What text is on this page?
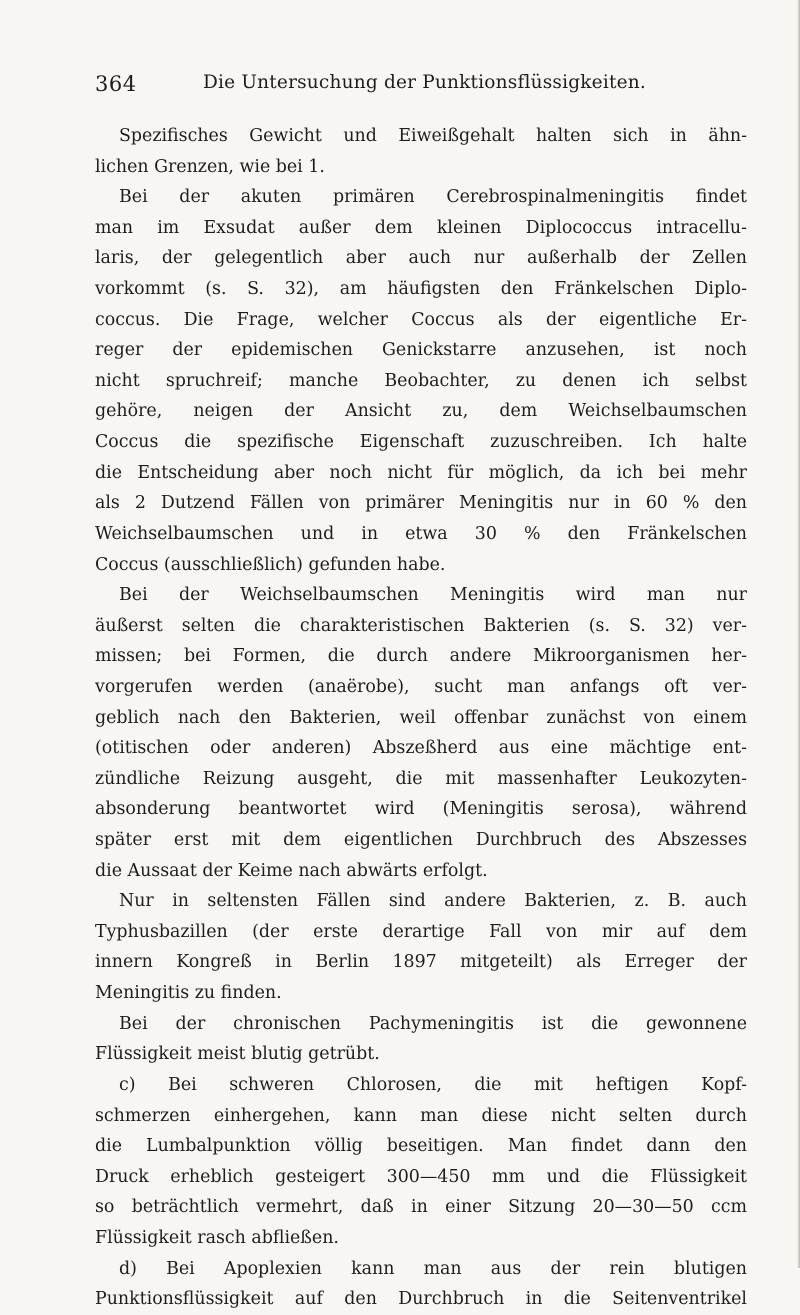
364	Die Untersuchung der Punktionsflüssigkeiten.
Spezifisches Gewicht und Eiweißgehalt halten sich in ähn-
lichen Grenzen, wie bei 1.
Bei der akuten primären Cerebrospinalmeningitis findet
man im Exsudat außer dem kleinen Diplococcus intracellu-
laris, der gelegentlich aber auch nur außerhalb der Zellen
vorkommt (s. S. 32), am häufigsten den Fränkelschen Diplo-
coccus. Die Frage, welcher Coccus als der eigentliche Er-
reger der epidemischen Genickstarre anzusehen, ist noch
nicht spruchreif; manche Beobachter, zu denen ich selbst
gehöre, neigen der Ansicht zu, dem Weichselbaumschen
Coccus die spezifische Eigenschaft zuzuschreiben. Ich halte
die Entscheidung aber noch nicht für möglich, da ich bei mehr
als 2 Dutzend Fällen von primärer Meningitis nur in 60 % den
Weichselbaumschen und in etwa 30 % den Fränkelschen
Coccus (ausschließlich) gefunden habe.
Bei der Weichselbaumschen Meningitis wird man nur
äußerst selten die charakteristischen Bakterien (s. S. 32) ver-
missen; bei Formen, die durch andere Mikroorganismen her-
vorgerufen werden (anaërobe), sucht man anfangs oft ver-
geblich nach den Bakterien, weil offenbar zunächst von einem
(otitischen oder anderen) Abszeßherd aus eine mächtige ent-
zündliche Reizung ausgeht, die mit massenhafter Leukozyten-
absonderung beantwortet wird (Meningitis serosa), während
später erst mit dem eigentlichen Durchbruch des Abszesses
die Aussaat der Keime nach abwärts erfolgt.
Nur in seltensten Fällen sind andere Bakterien, z. B. auch
Typhusbazillen (der erste derartige Fall von mir auf dem
innern Kongreß in Berlin 1897 mitgeteilt) als Erreger der
Meningitis zu finden.
Bei der chronischen Pachymeningitis ist die gewonnene
Flüssigkeit meist blutig getrübt.
c) Bei schweren Chlorosen, die mit heftigen Kopf-
schmerzen einhergehen, kann man diese nicht selten durch
die Lumbalpunktion völlig beseitigen. Man findet dann den
Druck erheblich gesteigert 300—450 mm und die Flüssigkeit
so beträchtlich vermehrt, daß in einer Sitzung 20—30—50 ccm
Flüssigkeit rasch abfließen.
d) Bei Apoplexien kann man aus der rein blutigen
Punktionsflüssigkeit auf den Durchbruch in die Seitenventrikel
